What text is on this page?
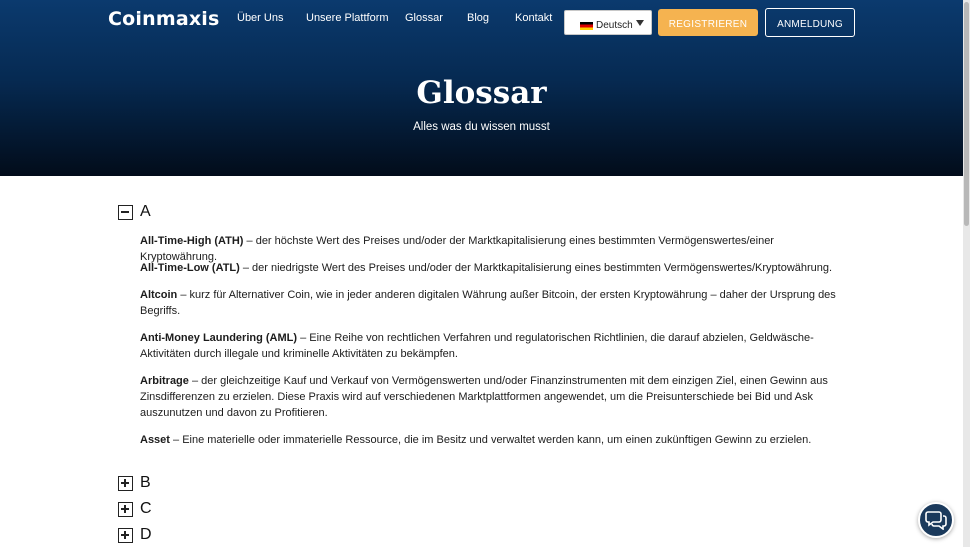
Coinmaxis Über Uns Unsere Plattform Glossar Blog Kontakt
Deutsch	REGISTRIEREN	ANMELDUNG
Glossar

Alles was du wissen musst

A

All-Time-High (ATH) – der höchste Wert des Preises und/oder der Marktkapitalisierung eines bestimmten Vermögenswertes/einer Kryptowährung.

All-Time-Low (ATL) – der niedrigste Wert des Preises und/oder der Marktkapitalisierung eines bestimmten Vermögenswertes/Kryptowährung.

Altcoin – kurz für Alternativer Coin, wie in jeder anderen digitalen Währung außer Bitcoin, der ersten Kryptowährung – daher der Ursprung des Begriffs.

Anti-Money Laundering (AML) – Eine Reihe von rechtlichen Verfahren und regulatorischen Richtlinien, die darauf abzielen, Geldwäsche-Aktivitäten durch illegale und kriminelle Aktivitäten zu bekämpfen.

Arbitrage – der gleichzeitige Kauf und Verkauf von Vermögenswerten und/oder Finanzinstrumenten mit dem einzigen Ziel, einen Gewinn aus Zinsdifferenzen zu erzielen. Diese Praxis wird auf verschiedenen Marktplattformen angewendet, um die Preisunterschiede bei Bid und Ask auszunutzen und davon zu Profitieren.

Asset – Eine materielle oder immaterielle Ressource, die im Besitz und verwaltet werden kann, um einen zukünftigen Gewinn zu erzielen.

B
C
D
